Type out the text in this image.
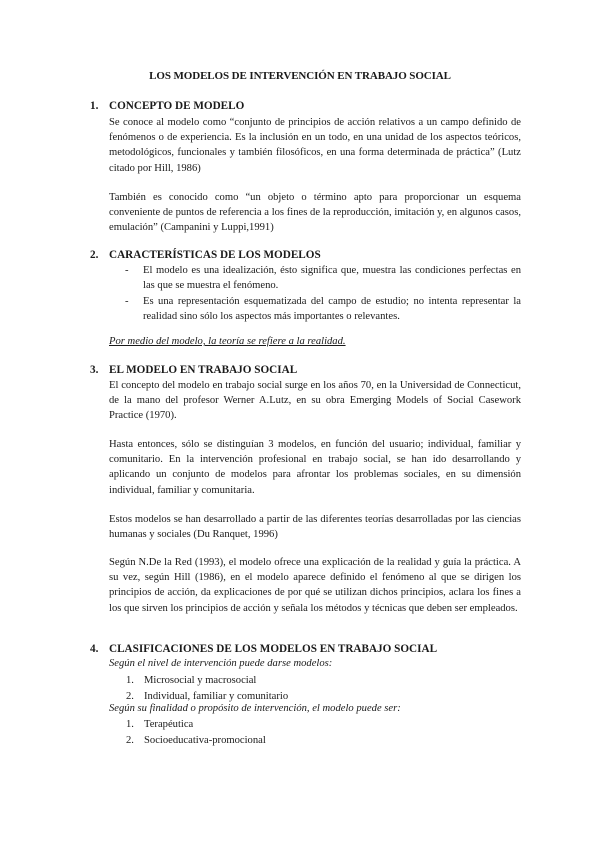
LOS MODELOS DE INTERVENCIÓN EN TRABAJO SOCIAL
1. CONCEPTO DE MODELO
Se conoce al modelo como “conjunto de principios de acción relativos a un campo definido de fenómenos o de experiencia. Es la inclusión en un todo, en una unidad de los aspectos teóricos, metodológicos, funcionales y también filosóficos, en una forma determinada de práctica” (Lutz citado por Hill, 1986)
También es conocido como “un objeto o término apto para proporcionar un esquema conveniente de puntos de referencia a los fines de la reproducción, imitación y, en algunos casos, emulación” (Campanini y Luppi,1991)
2. CARACTERÍSTICAS DE LOS MODELOS
- El modelo es una idealización, ésto significa que, muestra las condiciones perfectas en las que se muestra el fenómeno.
- Es una representación esquematizada del campo de estudio; no intenta representar la realidad sino sólo los aspectos más importantes o relevantes.
Por medio del modelo, la teoría se refiere a la realidad.
3. EL MODELO EN TRABAJO SOCIAL
El concepto del modelo en trabajo social surge en los años 70, en la Universidad de Connecticut, de la mano del profesor Werner A.Lutz, en su obra Emerging Models of Social Casework Practice (1970).
Hasta entonces, sólo se distinguían 3 modelos, en función del usuario; individual, familiar y comunitario. En la intervención profesional en trabajo social, se han ido desarrollando y aplicando un conjunto de modelos para afrontar los problemas sociales, en su dimensión individual, familiar y comunitaria.
Estos modelos se han desarrollado a partir de las diferentes teorías desarrolladas por las ciencias humanas y sociales (Du Ranquet, 1996)
Según N.De la Red (1993), el modelo ofrece una explicación de la realidad y guía la práctica. A su vez, según Hill (1986), en el modelo aparece definido el fenómeno al que se dirigen los principios de acción, da explicaciones de por qué se utilizan dichos principios, aclara los fines a los que sirven los principios de acción y señala los métodos y técnicas que deben ser empleados.
4. CLASIFICACIONES DE LOS MODELOS EN TRABAJO SOCIAL
Según el nivel de intervención puede darse modelos:
1. Microsocial y macrosocial
2. Individual, familiar y comunitario
Según su finalidad o propósito de intervención, el modelo puede ser:
1. Terapéutica
2. Socioeducativa-promocional
